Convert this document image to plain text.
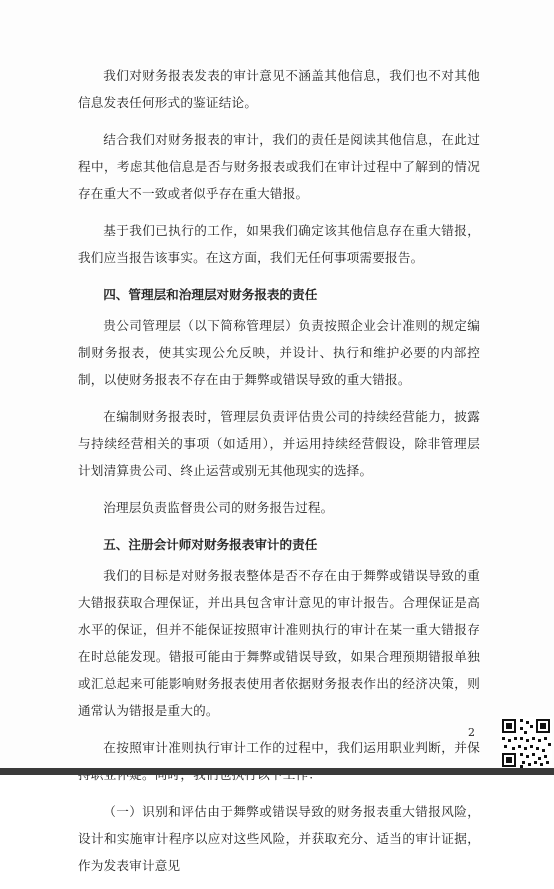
我们对财务报表发表的审计意见不涵盖其他信息，我们也不对其他信息发表任何形式的鉴证结论。

结合我们对财务报表的审计，我们的责任是阅读其他信息，在此过程中，考虑其他信息是否与财务报表或我们在审计过程中了解到的情况存在重大不一致或者似乎存在重大错报。

基于我们已执行的工作，如果我们确定该其他信息存在重大错报，我们应当报告该事实。在这方面，我们无任何事项需要报告。

四、管理层和治理层对财务报表的责任

贵公司管理层（以下简称管理层）负责按照企业会计准则的规定编制财务报表，使其实现公允反映，并设计、执行和维护必要的内部控制，以使财务报表不存在由于舞弊或错误导致的重大错报。

在编制财务报表时，管理层负责评估贵公司的持续经营能力，披露与持续经营相关的事项（如适用），并运用持续经营假设，除非管理层计划清算贵公司、终止运营或别无其他现实的选择。

治理层负责监督贵公司的财务报告过程。

五、注册会计师对财务报表审计的责任

我们的目标是对财务报表整体是否不存在由于舞弊或错误导致的重大错报获取合理保证，并出具包含审计意见的审计报告。合理保证是高水平的保证，但并不能保证按照审计准则执行的审计在某一重大错报存在时总能发现。错报可能由于舞弊或错误导致，如果合理预期错报单独或汇总起来可能影响财务报表使用者依据财务报表作出的经济决策，则通常认为错报是重大的。

在按照审计准则执行审计工作的过程中，我们运用职业判断，并保

（一）识别和评估由于舞弊或错误导致的财务报表重大错报风险，设计和实施审计程序以应对这些风险，并获取充分、适当的审计证据，作为发表审计意见

2
